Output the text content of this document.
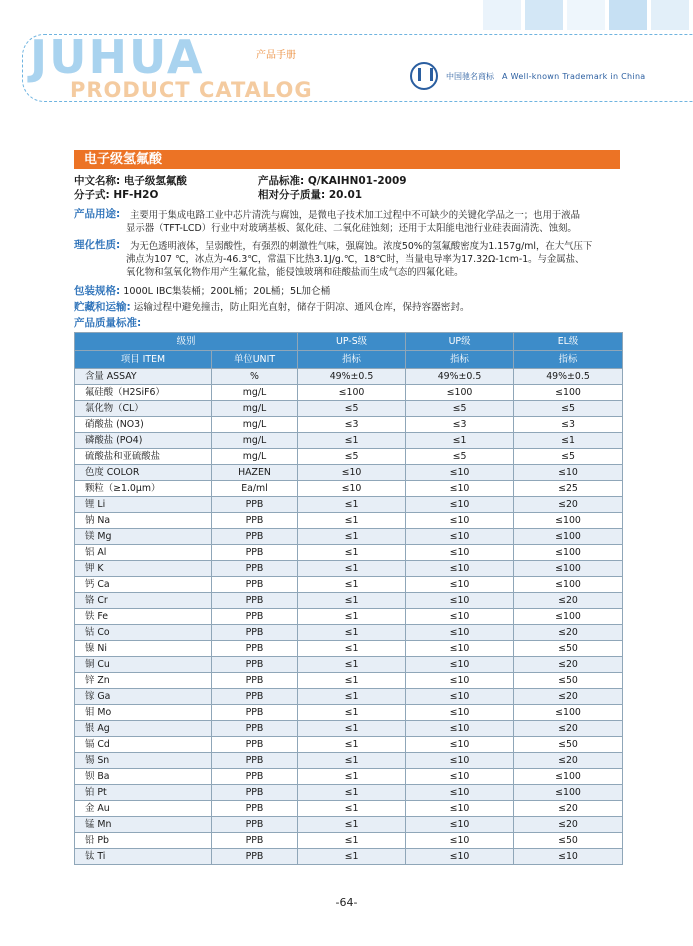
JUHUA
PRODUCT CATALOG
产品手册
中国驰名商标 A Well-known Trademark in China
电子级氢氟酸
中文名称: 电子级氢氟酸	产品标准: Q/KAIHN01-2009
分子式: HF-H2O	相对分子质量: 20.01
产品用途:	主要用于集成电路工业中芯片清洗与腐蚀，是微电子技术加工过程中不可缺少的关键化学品之一；也用于液晶
显示器（TFT-LCD）行业中对玻璃基板、氮化硅、二氧化硅蚀刻；还用于太阳能电池行业硅表面清洗、蚀刻。
理化性质:	为无色透明液体，呈弱酸性，有强烈的刺激性气味，强腐蚀。浓度50%的氢氟酸密度为1.157g/ml，在大气压下
沸点为107 ℃，冰点为-46.3℃，常温下比热3.1J/g.℃，18℃时，当量电导率为17.32Ω-1cm-1。与金属盐、
氧化物和氢氧化物作用产生氟化盐，能侵蚀玻璃和硅酸盐而生成气态的四氟化硅。
包装规格: 1000L IBC集装桶；200L桶；20L桶；5L加仑桶
贮藏和运输: 运输过程中避免撞击，防止阳光直射，储存于阴凉、通风仓库，保持容器密封。
产品质量标准:
级别		UP-S级	UP级	EL级
项目 ITEM	单位UNIT	指标	指标	指标
含量 ASSAY	%	49%±0.5	49%±0.5	49%±0.5
氟硅酸（H2SiF6）	mg/L	≤100	≤100	≤100
氯化物（CL）	mg/L	≤5	≤5	≤5
硝酸盐 (NO3)	mg/L	≤3	≤3	≤3
磷酸盐 (PO4)	mg/L	≤1	≤1	≤1
硫酸盐和亚硫酸盐	mg/L	≤5	≤5	≤5
色度 COLOR	HAZEN	≤10	≤10	≤10
颗粒（≥1.0μm）	Ea/ml	≤10	≤10	≤25
锂 Li	PPB	≤1	≤10	≤20
钠 Na	PPB	≤1	≤10	≤100
镁 Mg	PPB	≤1	≤10	≤100
铝 Al	PPB	≤1	≤10	≤100
钾 K	PPB	≤1	≤10	≤100
钙 Ca	PPB	≤1	≤10	≤100
铬 Cr	PPB	≤1	≤10	≤20
铁 Fe	PPB	≤1	≤10	≤100
钴 Co	PPB	≤1	≤10	≤20
镍 Ni	PPB	≤1	≤10	≤50
铜 Cu	PPB	≤1	≤10	≤20
锌 Zn	PPB	≤1	≤10	≤50
镓 Ga	PPB	≤1	≤10	≤20
钼 Mo	PPB	≤1	≤10	≤100
银 Ag	PPB	≤1	≤10	≤20
镉 Cd	PPB	≤1	≤10	≤50
锡 Sn	PPB	≤1	≤10	≤20
钡 Ba	PPB	≤1	≤10	≤100
铂 Pt	PPB	≤1	≤10	≤100
金 Au	PPB	≤1	≤10	≤20
锰 Mn	PPB	≤1	≤10	≤20
铅 Pb	PPB	≤1	≤10	≤50
钛 Ti	PPB	≤1	≤10	≤10
-64-
